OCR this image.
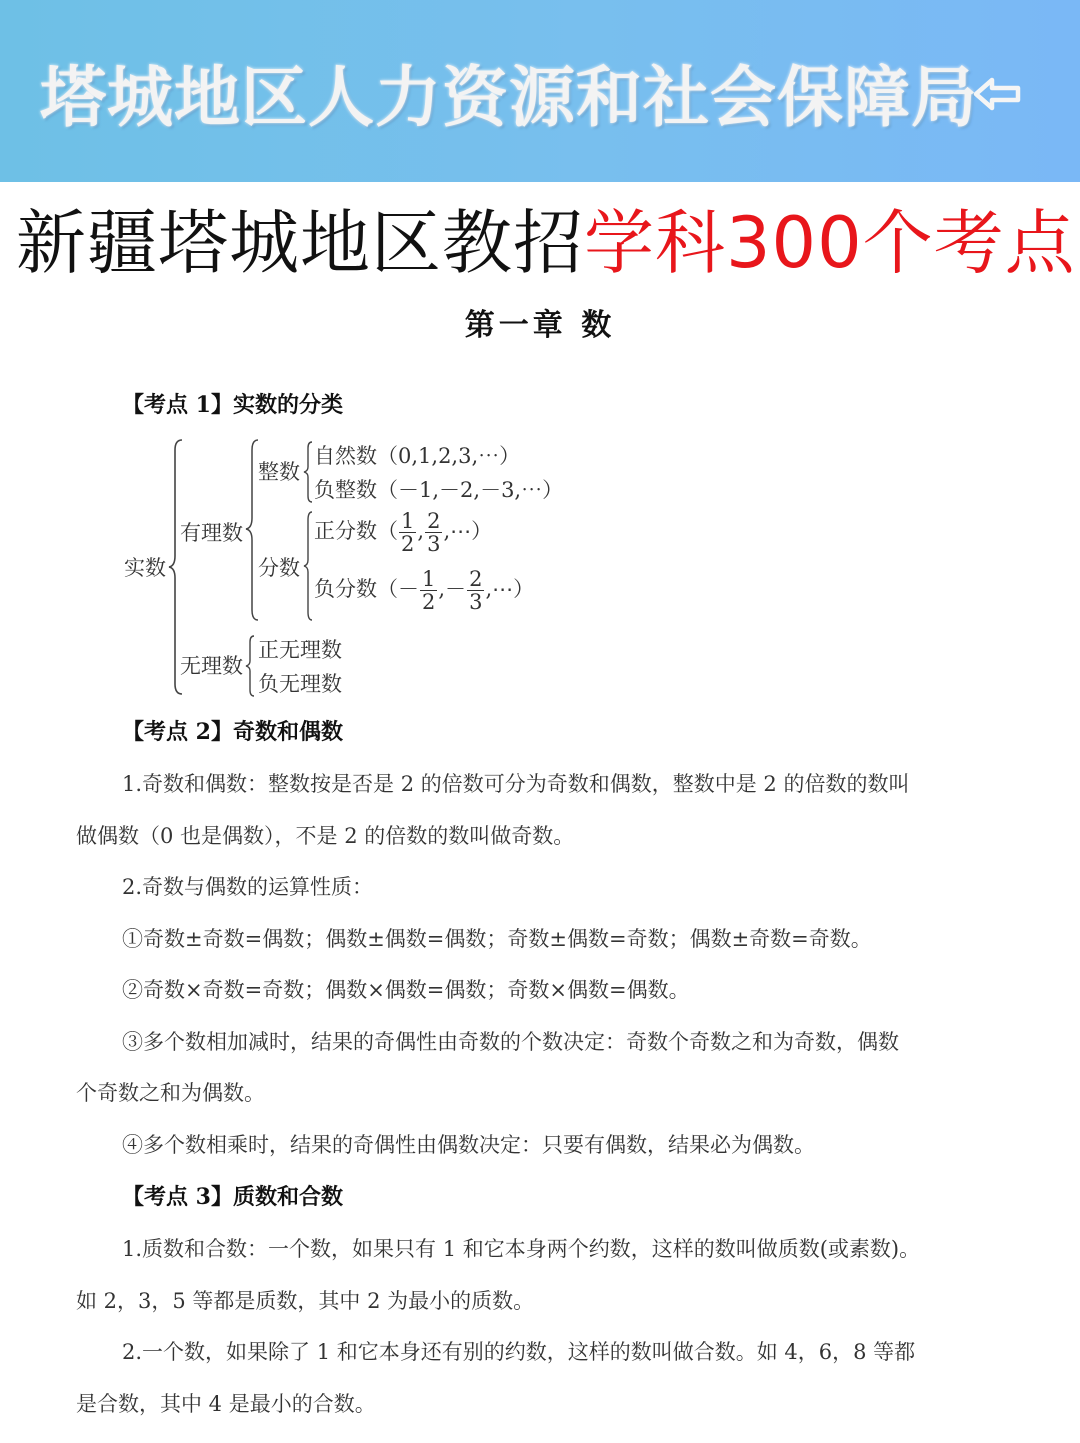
塔城地区人力资源和社会保障局
新疆塔城地区教招学科300个考点
第一章 数
【考点 1】实数的分类
实数
有理数
整数
自然数（0,1,2,3,⋯）
负整数（－1,－2,－3,⋯）
分数
正分数（ $\frac{1}{2}$ , $\frac{2}{3}$ ,⋯）
负分数（－ $\frac{1}{2}$ ,－ $\frac{2}{3}$ ,⋯）
无理数
正无理数
负无理数
【考点 2】奇数和偶数
1.奇数和偶数：整数按是否是 2 的倍数可分为奇数和偶数，整数中是 2 的倍数的数叫
做偶数（0 也是偶数），不是 2 的倍数的数叫做奇数。
2.奇数与偶数的运算性质：
①奇数±奇数=偶数；偶数±偶数=偶数；奇数±偶数=奇数；偶数±奇数=奇数。
②奇数×奇数=奇数；偶数×偶数=偶数；奇数×偶数=偶数。
③多个数相加减时，结果的奇偶性由奇数的个数决定：奇数个奇数之和为奇数，偶数
个奇数之和为偶数。
④多个数相乘时，结果的奇偶性由偶数决定：只要有偶数，结果必为偶数。
【考点 3】质数和合数
1.质数和合数：一个数，如果只有 1 和它本身两个约数，这样的数叫做质数(或素数)。
如 2，3，5 等都是质数，其中 2 为最小的质数。
2.一个数，如果除了 1 和它本身还有别的约数，这样的数叫做合数。如 4，6，8 等都
是合数，其中 4 是最小的合数。
